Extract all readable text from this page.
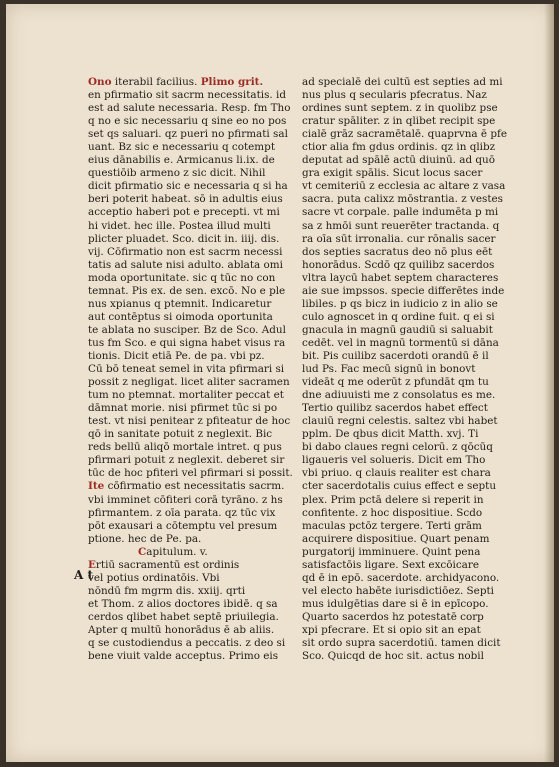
Ono iterabil facilius. Plimo grit.
en pfirmatio sit sacrm necessitatis. id
est ad salute necessaria. Resp. fm Tho
q no e sic necessariu q sine eo no pos
set qs saluari. qz pueri no pfirmati sal
uant. Bz sic e necessariu q cotempt
eius dānabilis e. Armicanus li.ix. de
questiōib armeno z sic dicit. Nihil
dicit pfirmatio sic e necessaria q si ha
beri poterit habeat. sō in adultis eius
acceptio haberi pot e precepti. vt mi
hi videt. hec ille. Postea illud multi
plicter pluadet. Sco. dicit in. iiij. dis.
vij. Cōfirmatio non est sacrm necessi
tatis ad salute nisi adulto. ablata omi
moda oportunitate. sic q tūc no con
temnat. Pis ex. de sen. excō. No e ple
nus xpianus q ptemnit. Indicaretur
aut contēptus si oimoda oportunita
te ablata no susciper. Bz de Sco. Adul
tus fm Sco. e qui signa habet visus ra
tionis. Dicit etiā Pe. de pa. vbi pz.
Cū bō teneat semel in vita pfirmari si
possit z negligat. licet aliter sacramen
tum no ptemnat. mortaliter peccat et
dāmnat morie. nisi pfirmet tūc si po
test. vt nisi penitear z pfiteatur de hoc
qō in sanitate potuit z neglexit. Bic
reds bellū aliqō mortale intret. q pus
pfirmari potuit z neglexit. deberet sir
tūc de hoc pfiteri vel pfirmari si possit.
Ite cōfirmatio est necessitatis sacrm.
vbi imminet cōfiteri corā tyrāno. z hs
pfirmantem. z oīa parata. qz tūc vix
pōt exausari a cōtemptu vel presum
ptione. hec de Pe. pa.
Capitulum. v.
Ertiū sacramentū est ordinis
vel potius ordinatōis. Vbi
nōndū fm mgrm dis. xxiij. qrti
et Thom. z alios doctores ibidē. q sa
cerdos qlibet habet septē priuilegia.
Apter q multū honorādus ē ab aliis.
q se custodiendus a peccatis. z deo si
bene viuit valde acceptus. Primo eis
ad specialē dei cultū est septies ad mi
nus plus q secularis pfecratus. Naz
ordines sunt septem. z in quolibz pse
cratur spāliter. z in qlibet recipit spe
cialē grāz sacramētalē. quaprvna ē pfe
ctior alia fm gdus ordinis. qz in qlibz
deputat ad spālē actū diuinū. ad quō
gra exigit spālis. Sicut locus sacer
vt cemiteriū z ecclesia ac altare z vasa
sacra. puta calixz mōstrantia. z vestes
sacre vt corpale. palle indumēta p mi
sa z hmōi sunt reuerēter tractanda. q
ra oīa sūt irronalia. cur rōnalis sacer
dos septies sacratus deo nō plus eēt
honorādus. Scdō qz quilibz sacerdos
vltra laycū habet septem characteres
aie sue impssos. specie differētes inde
libiles. p qs bicz in iudicio z in alio se
culo agnoscet in q ordine fuit. q ei si
gnacula in magnū gaudiū si saluabit
cedēt. vel in magnū tormentū si dāna
bit. Pis cuilibz sacerdoti orandū ē il
lud Ps. Fac mecū signū in bonovt
videāt q me oderūt z pfundāt qm tu
dne adiuuisti me z consolatus es me.
Tertio quilibz sacerdos habet effect
clauiū regni celestis. saltez vbi habet
pplm. De qbus dicit Matth. xvj. Ti
bi dabo claues regni celorū. z qōcūq
ligaueris vel solueris. Dicit em Tho
vbi priuo. q clauis realiter est chara
cter sacerdotalis cuius effect e septu
plex. Prim pctā delere si reperit in
confitente. z hoc dispositiue. Scdo
maculas pctōz tergere. Terti grām
acquirere dispositiue. Quart penam
purgatorij imminuere. Quint pena
satisfactōis ligare. Sext excōicare
qd ē in epō. sacerdote. archidyacono.
vel electo habēte iurisdictiōez. Septi
mus idulgētias dare si ē in epīcopo.
Quarto sacerdos hz potestatē corp
xpi pfecrare. Et si opio sit an epat
sit ordo supra sacerdotiū. tamen dicit
Sco. Quicqd de hoc sit. actus nobil
A t
